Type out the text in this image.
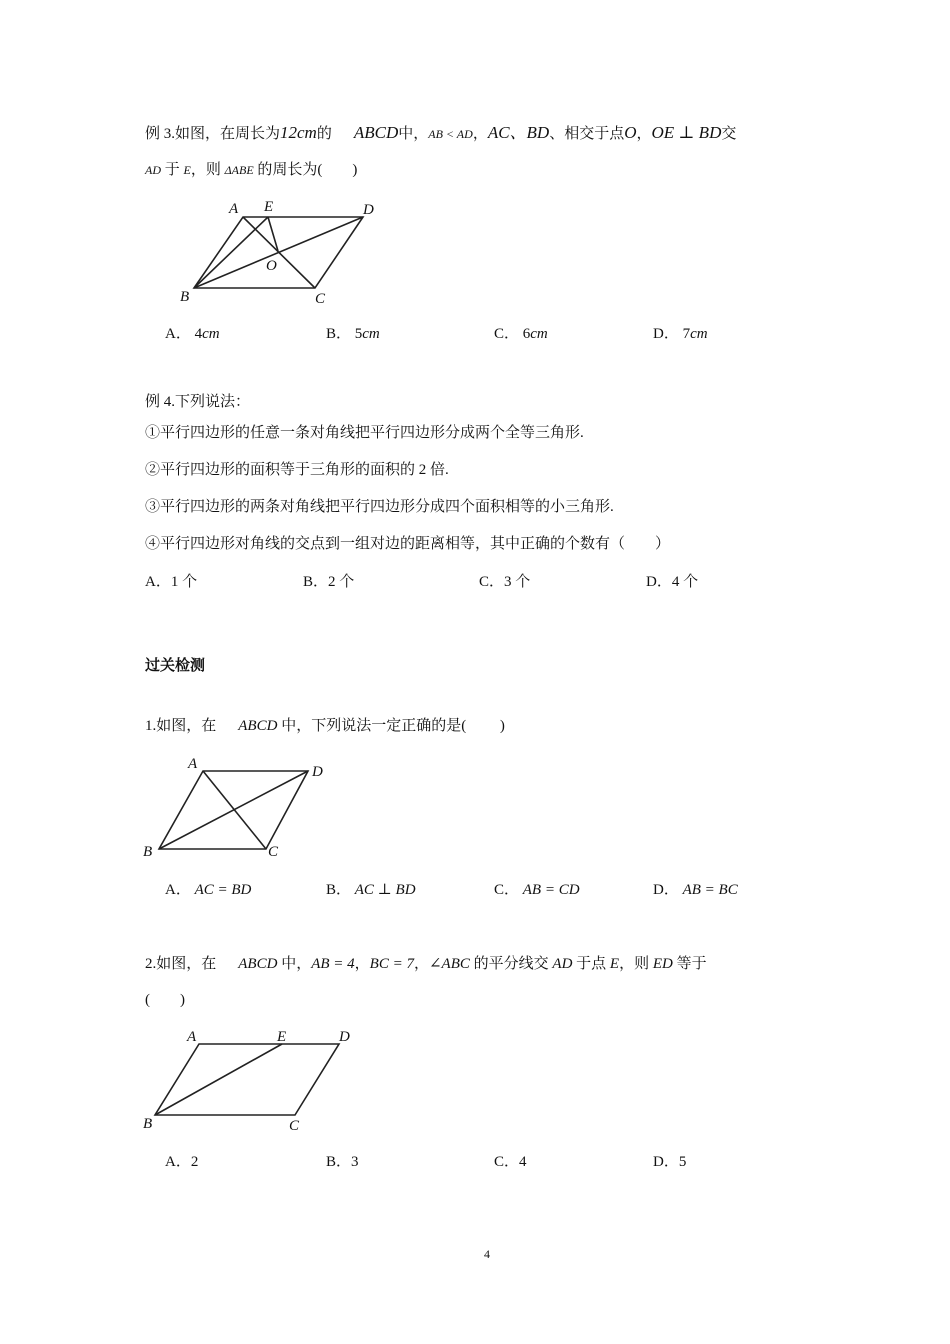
例 3.如图，在周长为12cm的 ABCD中，AB < AD，AC、BD、相交于点O，OE ⊥ BD交
AD 于 E，则 ΔABE 的周长为(　　)
A E	D
B	C
O
A	D
B	C
A	E	D
B	C
A． 4cm	B． 5cm	C． 6cm	D． 7cm
例 4.下列说法：
①平行四边形的任意一条对角线把平行四边形分成两个全等三角形.
②平行四边形的面积等于三角形的面积的 2 倍.
③平行四边形的两条对角线把平行四边形分成四个面积相等的小三角形.
④平行四边形对角线的交点到一组对边的距离相等，其中正确的个数有（　　）
A．1 个	B．2 个	C．3 个	D．4 个
过关检测
1.如图，在 ABCD 中，下列说法一定正确的是(　　 )
A． AC = BD	B． AC ⊥ BD	C． AB = CD	D． AB = BC
2.如图，在 ABCD 中，AB = 4，BC = 7，∠ABC 的平分线交 AD 于点 E，则 ED 等于
(　　)
A．2	B．3	C．4	D．5
4
